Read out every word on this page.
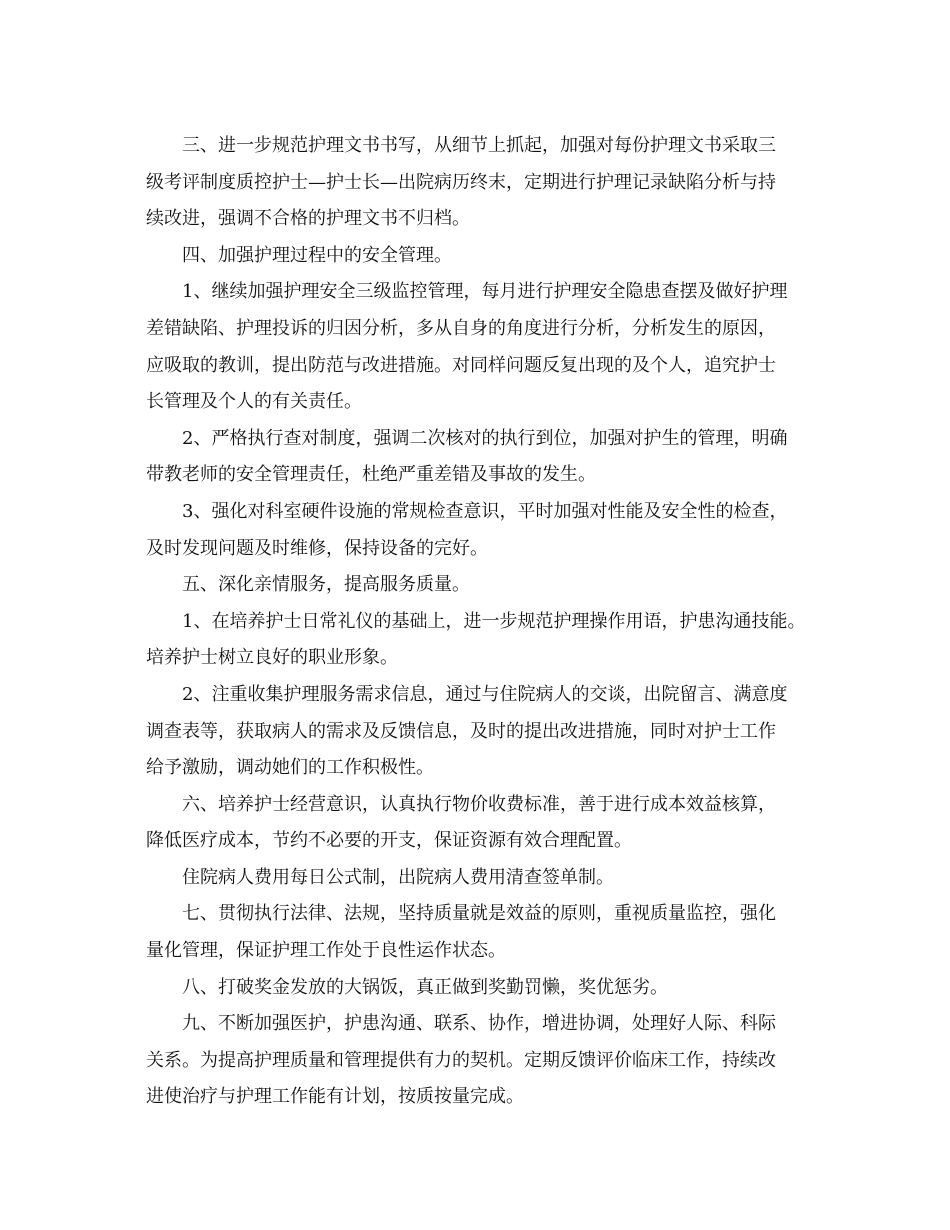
三、进一步规范护理文书书写，从细节上抓起，加强对每份护理文书采取三
级考评制度质控护士—护士长—出院病历终末，定期进行护理记录缺陷分析与持
续改进，强调不合格的护理文书不归档。
四、加强护理过程中的安全管理。
1、继续加强护理安全三级监控管理，每月进行护理安全隐患查摆及做好护理
差错缺陷、护理投诉的归因分析，多从自身的角度进行分析，分析发生的原因，
应吸取的教训，提出防范与改进措施。对同样问题反复出现的及个人，追究护士
长管理及个人的有关责任。
2、严格执行查对制度，强调二次核对的执行到位，加强对护生的管理，明确
带教老师的安全管理责任，杜绝严重差错及事故的发生。
3、强化对科室硬件设施的常规检查意识，平时加强对性能及安全性的检查，
及时发现问题及时维修，保持设备的完好。
五、深化亲情服务，提高服务质量。
1、在培养护士日常礼仪的基础上，进一步规范护理操作用语，护患沟通技能。
培养护士树立良好的职业形象。
2、注重收集护理服务需求信息，通过与住院病人的交谈，出院留言、满意度
调查表等，获取病人的需求及反馈信息，及时的提出改进措施，同时对护士工作
给予激励，调动她们的工作积极性。
六、培养护士经营意识，认真执行物价收费标准，善于进行成本效益核算，
降低医疗成本，节约不必要的开支，保证资源有效合理配置。
住院病人费用每日公式制，出院病人费用清查签单制。
七、贯彻执行法律、法规，坚持质量就是效益的原则，重视质量监控，强化
量化管理，保证护理工作处于良性运作状态。
八、打破奖金发放的大锅饭，真正做到奖勤罚懒，奖优惩劣。
九、不断加强医护，护患沟通、联系、协作，增进协调，处理好人际、科际
关系。为提高护理质量和管理提供有力的契机。定期反馈评价临床工作，持续改
进使治疗与护理工作能有计划，按质按量完成。
